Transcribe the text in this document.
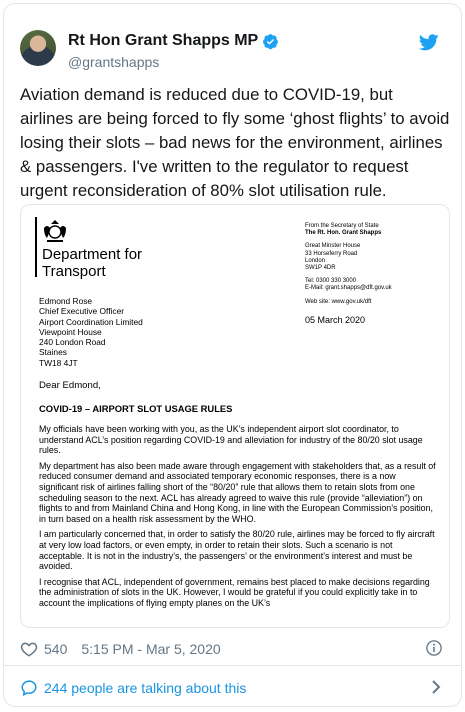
Rt Hon Grant Shapps MP
@grantshapps
Aviation demand is reduced due to COVID-19, but airlines are being forced to fly some ‘ghost flights’ to avoid losing their slots – bad news for the environment, airlines & passengers. I've written to the regulator to request urgent reconsideration of 80% slot utilisation rule.
Department for Transport
From the Secretary of State
The Rt. Hon. Grant Shapps
Great Minster House
33 Horseferry Road
London
SW1P 4DR
Tel: 0300 330 3000
E-Mail: grant.shapps@dft.gov.uk
Web site: www.gov.uk/dft
05 March 2020
Edmond Rose
Chief Executive Officer
Airport Coordination Limited
Viewpoint House
240 London Road
Staines
TW18 4JT
Dear Edmond,
COVID-19 – AIRPORT SLOT USAGE RULES

My officials have been working with you, as the UK’s independent airport slot coordinator, to understand ACL’s position regarding COVID-19 and alleviation for industry of the 80/20 slot usage rules.

My department has also been made aware through engagement with stakeholders that, as a result of reduced consumer demand and associated temporary economic responses, there is a now significant risk of airlines falling short of the “80/20” rule that allows them to retain slots from one scheduling season to the next. ACL has already agreed to waive this rule (provide “alleviation”) on flights to and from Mainland China and Hong Kong, in line with the European Commission’s position, in turn based on a health risk assessment by the WHO.

I am particularly concerned that, in order to satisfy the 80/20 rule, airlines may be forced to fly aircraft at very low load factors, or even empty, in order to retain their slots. Such a scenario is not acceptable. It is not in the industry’s, the passengers’ or the environment’s interest and must be avoided.

I recognise that ACL, independent of government, remains best placed to make decisions regarding the administration of slots in the UK. However, I would be grateful if you could explicitly take in to account the implications of flying empty planes on the UK’s

540 5:15 PM - Mar 5, 2020
244 people are talking about this
